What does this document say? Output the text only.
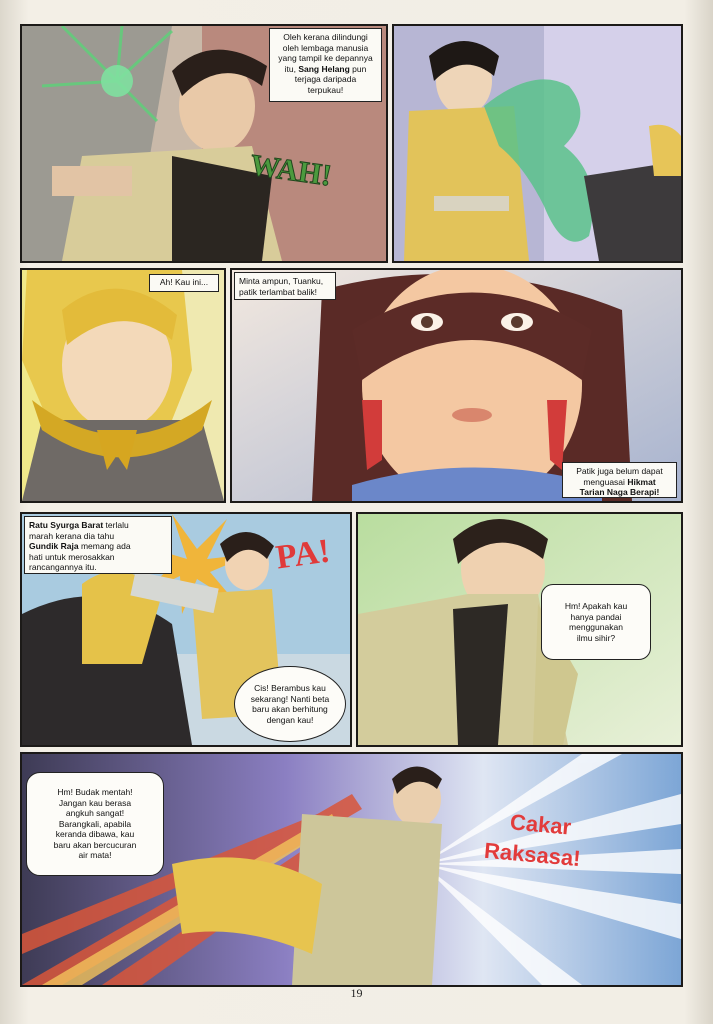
WAH!
Oleh kerana dilindungi
oleh lembaga manusia
yang tampil ke depannya
itu, Sang Helang pun
terjaga daripada
terpukau!
Ah! Kau ini...	Minta ampun, Tuanku,
patik terlambat balik!
Patik juga belum dapat
menguasai Hikmat
Tarian Naga Berapi!
PA!
Ratu Syurga Barat terlalu
marah kerana dia tahu
Gundik Raja memang ada
hati untuk merosakkan
rancangannya itu.
Cis! Berambus kau
sekarang! Nanti beta
baru akan berhitung
dengan kau!
Hm! Apakah kau
hanya pandai
menggunakan
ilmu sihir?
Hm! Budak mentah!
Jangan kau berasa
angkuh sangat!
Barangkali, apabila
keranda dibawa, kau
baru akan bercucuran
air mata!
Cakar
Raksasa!
19
